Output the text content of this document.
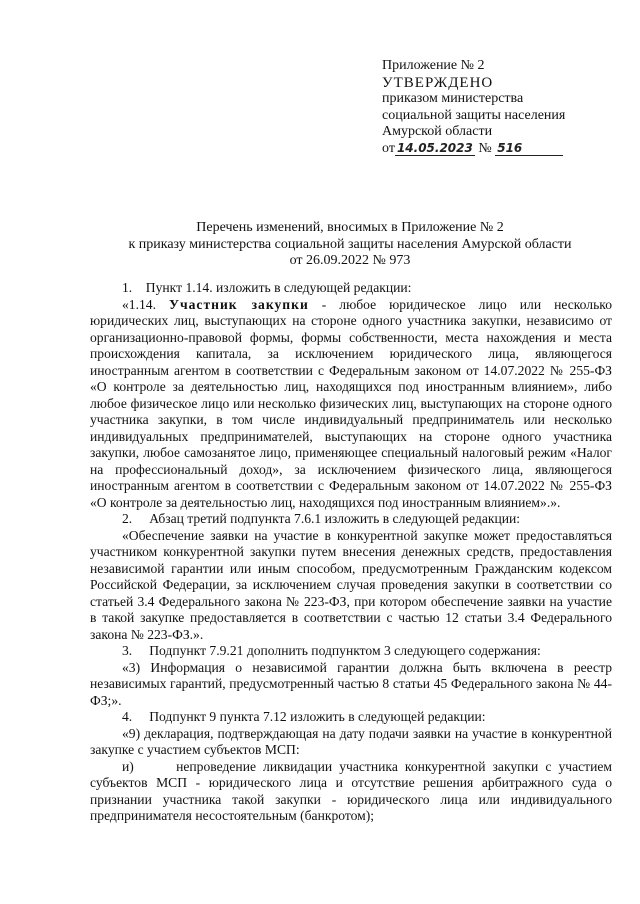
Приложение № 2
УТВЕРЖДЕНО
приказом министерства
социальной защиты населения
Амурской области
от 14.05.2023 № 516
Перечень изменений, вносимых в Приложение № 2
к приказу министерства социальной защиты населения Амурской области
от 26.09.2022 № 973

1.    Пункт 1.14. изложить в следующей редакции:

«1.14. Участник закупки - любое юридическое лицо или несколько юридических лиц, выступающих на стороне одного участника закупки, независимо от организационно-правовой формы, формы собственности, места нахождения и места происхождения капитала, за исключением юридического лица, являющегося иностранным агентом в соответствии с Федеральным законом от 14.07.2022 № 255-ФЗ «О контроле за деятельностью лиц, находящихся под иностранным влиянием», либо любое физическое лицо или несколько физических лиц, выступающих на стороне одного участника закупки, в том числе индивидуальный предприниматель или несколько индивидуальных предпринимателей, выступающих на стороне одного участника закупки, любое самозанятое лицо, применяющее специальный налоговый режим «Налог на профессиональный доход», за исключением физического лица, являющегося иностранным агентом в соответствии с Федеральным законом от 14.07.2022 № 255-ФЗ «О контроле за деятельностью лиц, находящихся под иностранным влиянием».».

2.     Абзац третий подпункта 7.6.1 изложить в следующей редакции:

«Обеспечение заявки на участие в конкурентной закупке может предоставляться участником конкурентной закупки путем внесения денежных средств, предоставления независимой гарантии или иным способом, предусмотренным Гражданским кодексом Российской Федерации, за исключением случая проведения закупки в соответствии со статьей 3.4 Федерального закона № 223-ФЗ, при котором обеспечение заявки на участие в такой закупке предоставляется в соответствии с частью 12 статьи 3.4 Федерального закона № 223-ФЗ.».

3.     Подпункт 7.9.21 дополнить подпунктом 3 следующего содержания:

«3) Информация о независимой гарантии должна быть включена в реестр независимых гарантий, предусмотренный частью 8 статьи 45 Федерального закона № 44-ФЗ;».

4.     Подпункт 9 пункта 7.12 изложить в следующей редакции:

«9) декларация, подтверждающая на дату подачи заявки на участие в конкурентной закупке с участием субъектов МСП:

и)      непроведение ликвидации участника конкурентной закупки с участием субъектов МСП - юридического лица и отсутствие решения арбитражного суда о признании участника такой закупки - юридического лица или индивидуального предпринимателя несостоятельным (банкротом);
